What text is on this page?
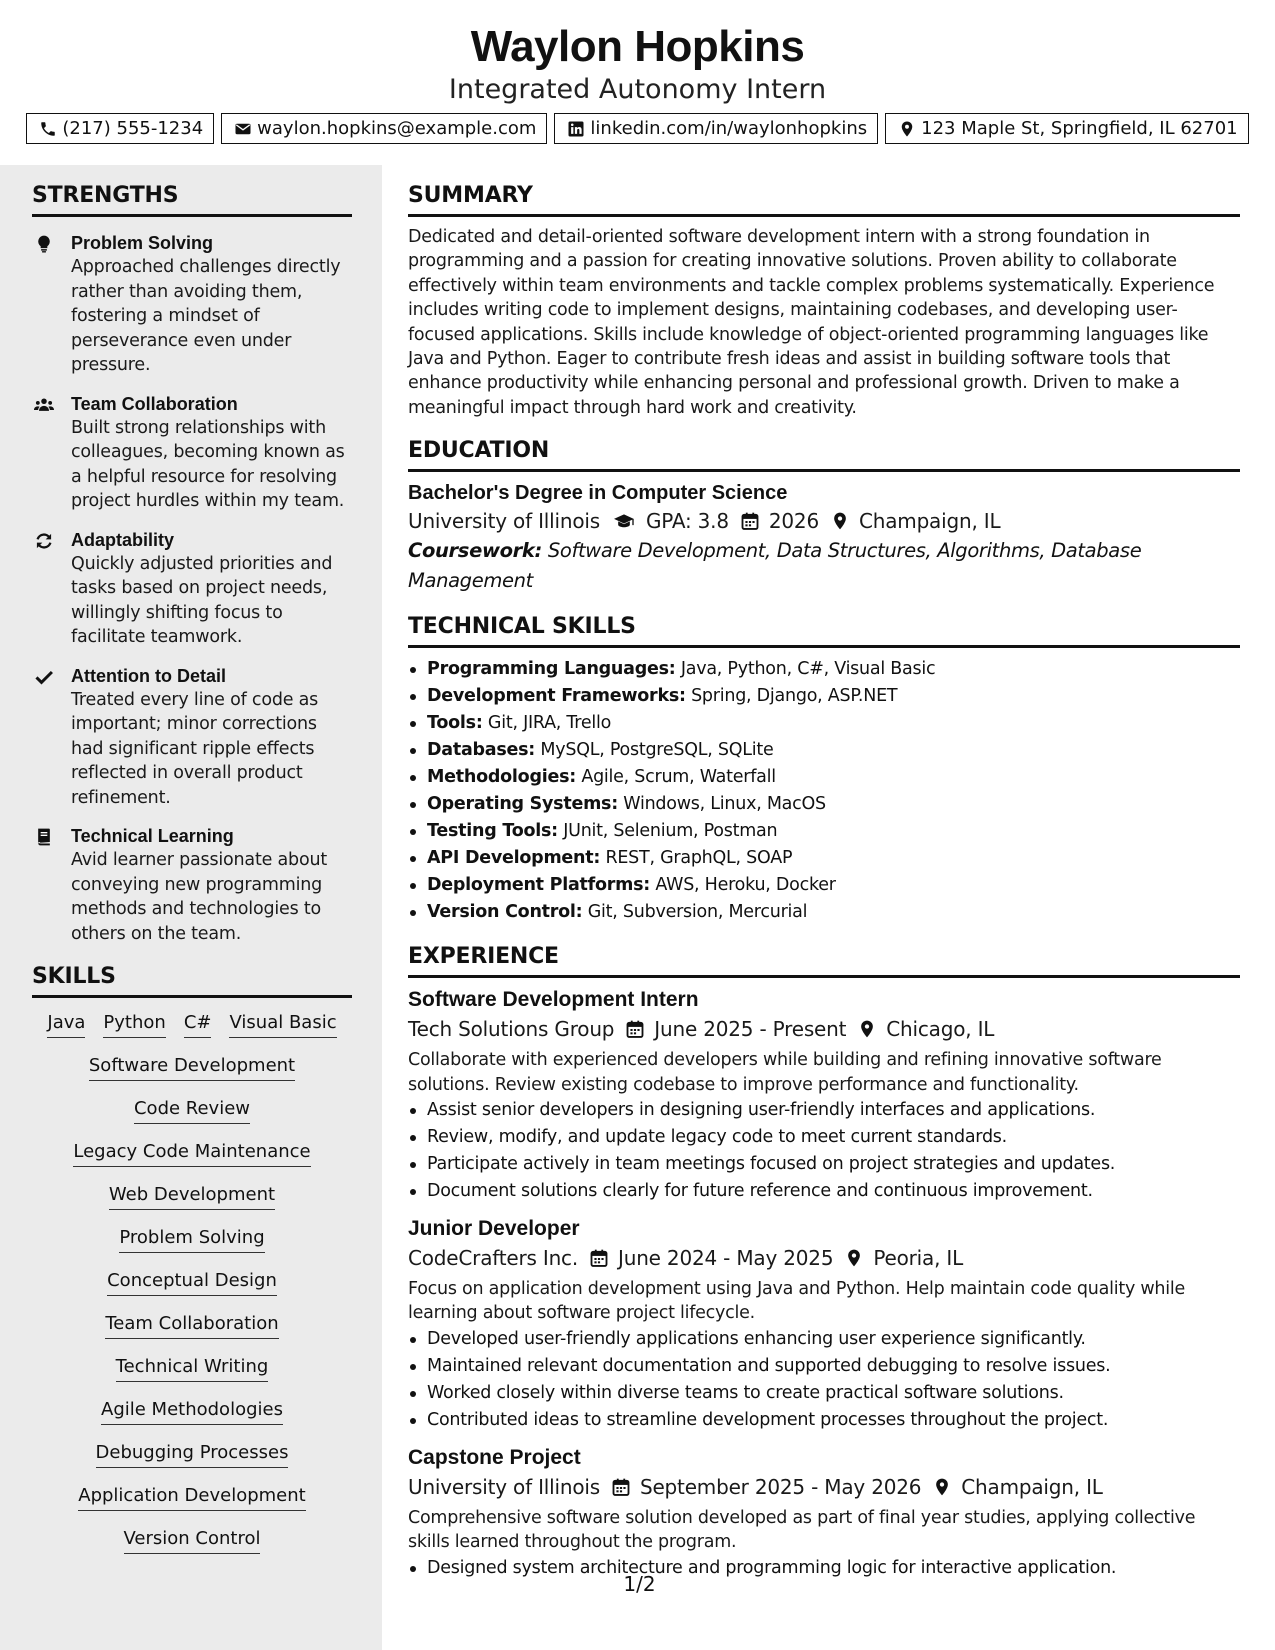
Waylon Hopkins
Integrated Autonomy Intern
(217) 555-1234	waylon.hopkins@example.com	linkedin.com/in/waylonhopkins	123 Maple St, Springfield, IL 62701
STRENGTHS
Problem Solving
Approached challenges directly rather than avoiding them, fostering a mindset of perseverance even under pressure.
Team Collaboration
Built strong relationships with colleagues, becoming known as a helpful resource for resolving project hurdles within my team.
Adaptability
Quickly adjusted priorities and tasks based on project needs, willingly shifting focus to facilitate teamwork.
Attention to Detail
Treated every line of code as important; minor corrections had significant ripple effects reflected in overall product refinement.
Technical Learning
Avid learner passionate about conveying new programming methods and technologies to others on the team.
SKILLS
Java Python C# Visual Basic
Software Development
Code Review
Legacy Code Maintenance
Web Development
Problem Solving
Conceptual Design
Team Collaboration
Technical Writing
Agile Methodologies
Debugging Processes
Application Development
Version Control
SUMMARY
Dedicated and detail-oriented software development intern with a strong foundation in programming and a passion for creating innovative solutions. Proven ability to collaborate effectively within team environments and tackle complex problems systematically. Experience includes writing code to implement designs, maintaining codebases, and developing user-focused applications. Skills include knowledge of object-oriented programming languages like Java and Python. Eager to contribute fresh ideas and assist in building software tools that enhance productivity while enhancing personal and professional growth. Driven to make a meaningful impact through hard work and creativity.
EDUCATION
Bachelor's Degree in Computer Science
University of Illinois GPA: 3.8 2026 Champaign, IL
Coursework: Software Development, Data Structures, Algorithms, Database Management
TECHNICAL SKILLS
Programming Languages: Java, Python, C#, Visual Basic
Development Frameworks: Spring, Django, ASP.NET
Tools: Git, JIRA, Trello
Databases: MySQL, PostgreSQL, SQLite
Methodologies: Agile, Scrum, Waterfall
Operating Systems: Windows, Linux, MacOS
Testing Tools: JUnit, Selenium, Postman
API Development: REST, GraphQL, SOAP
Deployment Platforms: AWS, Heroku, Docker
Version Control: Git, Subversion, Mercurial
EXPERIENCE
Software Development Intern
Tech Solutions Group June 2025 - Present Chicago, IL
Collaborate with experienced developers while building and refining innovative software solutions. Review existing codebase to improve performance and functionality.
Assist senior developers in designing user-friendly interfaces and applications.
Review, modify, and update legacy code to meet current standards.
Participate actively in team meetings focused on project strategies and updates.
Document solutions clearly for future reference and continuous improvement.
Junior Developer
CodeCrafters Inc. June 2024 - May 2025 Peoria, IL
Focus on application development using Java and Python. Help maintain code quality while learning about software project lifecycle.
Developed user-friendly applications enhancing user experience significantly.
Maintained relevant documentation and supported debugging to resolve issues.
Worked closely within diverse teams to create practical software solutions.
Contributed ideas to streamline development processes throughout the project.
Capstone Project
University of Illinois September 2025 - May 2026 Champaign, IL
Comprehensive software solution developed as part of final year studies, applying collective skills learned throughout the program.
Designed system architecture and programming logic for interactive application.
1/2
